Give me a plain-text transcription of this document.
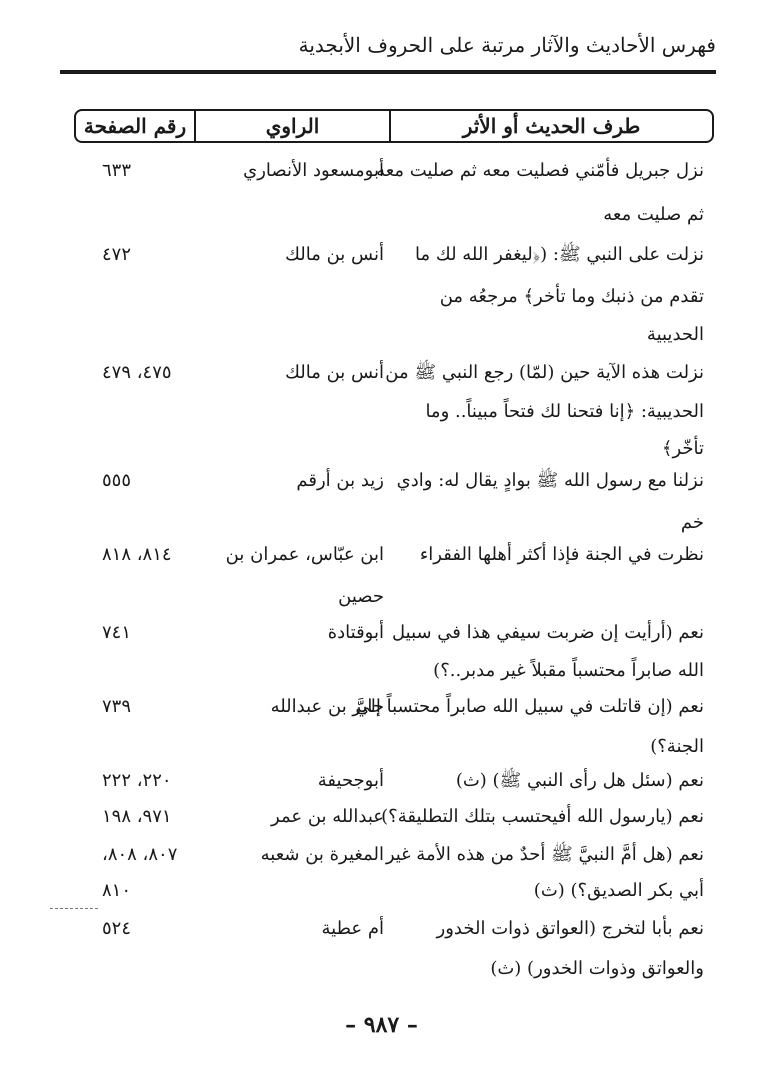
فهرس الأحاديث والآثار مرتبة على الحروف الأبجدية
طرف الحديث أو الأثر
الراوي
رقم الصفحة
نزل جبريل فأمّني فصليت معه ثم صليت معه
أبومسعود الأنصاري
٦٣٣
ثم صليت معه
نزلت على النبي ﷺ: (﴿ليغفر الله لك ما
أنس بن مالك
٤٧٢
تقدم من ذنبك وما تأخر﴾ مرجعُه من
الحديبية
نزلت هذه الآية حين (لمّا) رجع النبي ﷺ من
أنس بن مالك
٤٧٥، ٤٧٩
الحديبية: ﴿إنا فتحنا لك فتحاً مبيناً.. وما
تأخّر﴾
نزلنا مع رسول الله ﷺ بوادٍ يقال له: وادي
زيد بن أرقم
٥٥٥
خم
نظرت في الجنة فإذا أكثر أهلها الفقراء
ابن عبّاس، عمران بن
٨١٤، ٨١٨
حصين
نعم (أرأيت إن ضربت سيفي هذا في سبيل
أبوقتادة
٧٤١
الله صابراً محتسباً مقبلاً غير مدبر..؟)
نعم (إن قاتلت في سبيل الله صابراً محتسباً إليَّ
جابر بن عبدالله
٧٣٩
الجنة؟)
نعم (سئل هل رأى النبي ﷺ) (ث)
أبوجحيفة
٢٢٠، ٢٢٢
نعم (يارسول الله أفيحتسب بتلك التطليقة؟)
عبدالله بن عمر
٩٧١، ١٩٨
نعم (هل أمَّ النبيَّ ﷺ أحدٌ من هذه الأمة غير
المغيرة بن شعبه
٨٠٧، ٨٠٨،
أبي بكر الصديق؟) (ث)
٨١٠
نعم بأبا لتخرج (العواتق ذوات الخدور
أم عطية
٥٢٤
والعواتق وذوات الخدور) (ث)
– ٩٨٧ –
